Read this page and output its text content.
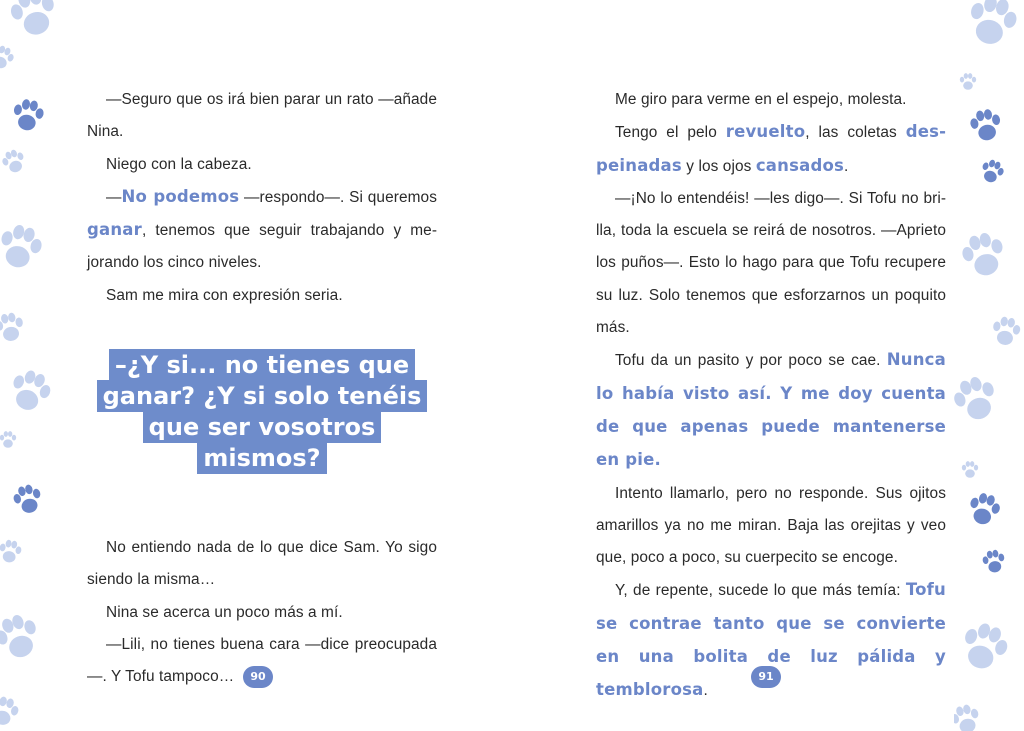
—Seguro que os irá bien parar un rato —añade Nina.

Niego con la cabeza.

—No podemos —respondo—. Si queremos ganar, tenemos que seguir trabajando y mejorando los cinco niveles.

Sam me mira con expresión seria.

–¿Y si... no tienes que ganar? ¿Y si solo tenéis que ser vosotros mismos?

No entiendo nada de lo que dice Sam. Yo sigo siendo la misma…

Nina se acerca un poco más a mí.

—Lili, no tienes buena cara —dice preocupada—. Y Tofu tampoco…

Me giro para verme en el espejo, molesta.

Tengo el pelo revuelto, las coletas despeinadas y los ojos cansados.

—¡No lo entendéis! —les digo—. Si Tofu no brilla, toda la escuela se reirá de nosotros. —Aprieto los puños—. Esto lo hago para que Tofu recupere su luz. Solo tenemos que esforzarnos un poquito más.

Tofu da un pasito y por poco se cae. Nunca lo había visto así. Y me doy cuenta de que apenas puede mantenerse en pie.

Intento llamarlo, pero no responde. Sus ojitos amarillos ya no me miran. Baja las orejitas y veo que, poco a poco, su cuerpecito se encoge.

Y, de repente, sucede lo que más temía: Tofu se contrae tanto que se convierte en una bolita de luz pálida y temblorosa.

90	91
